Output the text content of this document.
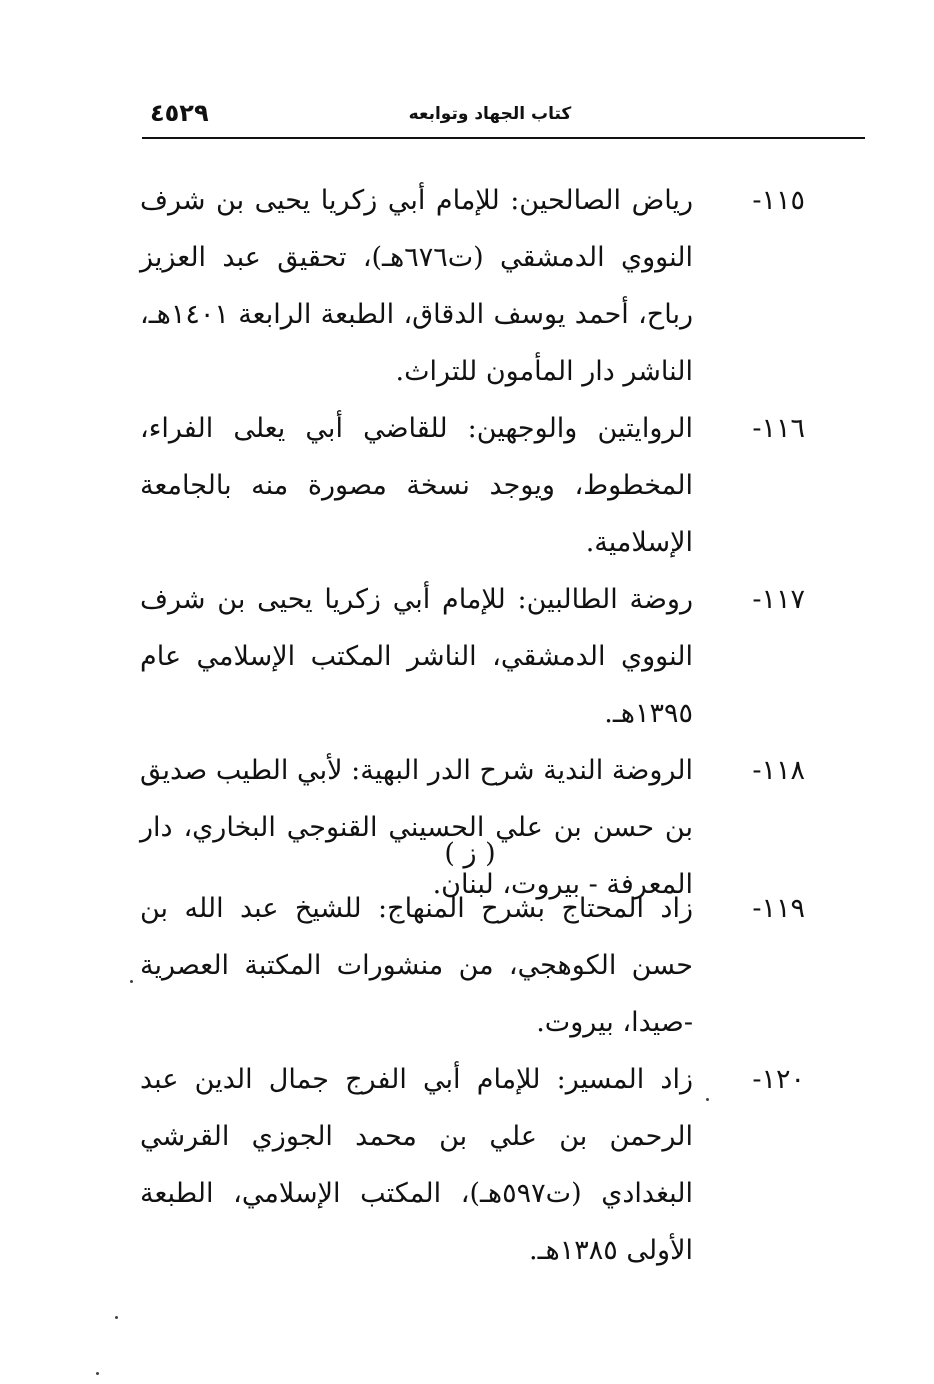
٤٥٢٩	كتاب الجهاد وتوابعه
١١٥-
رياض الصالحين: للإمام أبي زكريا يحيى بن شرف النووي الدمشقي (ت٦٧٦هـ)، تحقيق عبد العزيز رباح، أحمد يوسف الدقاق، الطبعة الرابعة ١٤٠١هـ، الناشر دار المأمون للتراث.
١١٦-
الروايتين والوجهين: للقاضي أبي يعلى الفراء، المخطوط، ويوجد نسخة مصورة منه بالجامعة الإسلامية.
١١٧-
روضة الطالبين: للإمام أبي زكريا يحيى بن شرف النووي الدمشقي، الناشر المكتب الإسلامي عام ١٣٩٥هـ.
١١٨-
الروضة الندية شرح الدر البهية: لأبي الطيب صديق بن حسن بن علي الحسيني القنوجي البخاري، دار المعرفة - بيروت، لبنان.
( ز )
١١٩-
زاد المحتاج بشرح المنهاج: للشيخ عبد الله بن حسن الكوهجي، من منشورات المكتبة العصرية -صيدا، بيروت.
١٢٠-
زاد المسير: للإمام أبي الفرج جمال الدين عبد الرحمن بن علي بن محمد الجوزي القرشي البغدادي (ت٥٩٧هـ)، المكتب الإسلامي، الطبعة الأولى ١٣٨٥هـ.
